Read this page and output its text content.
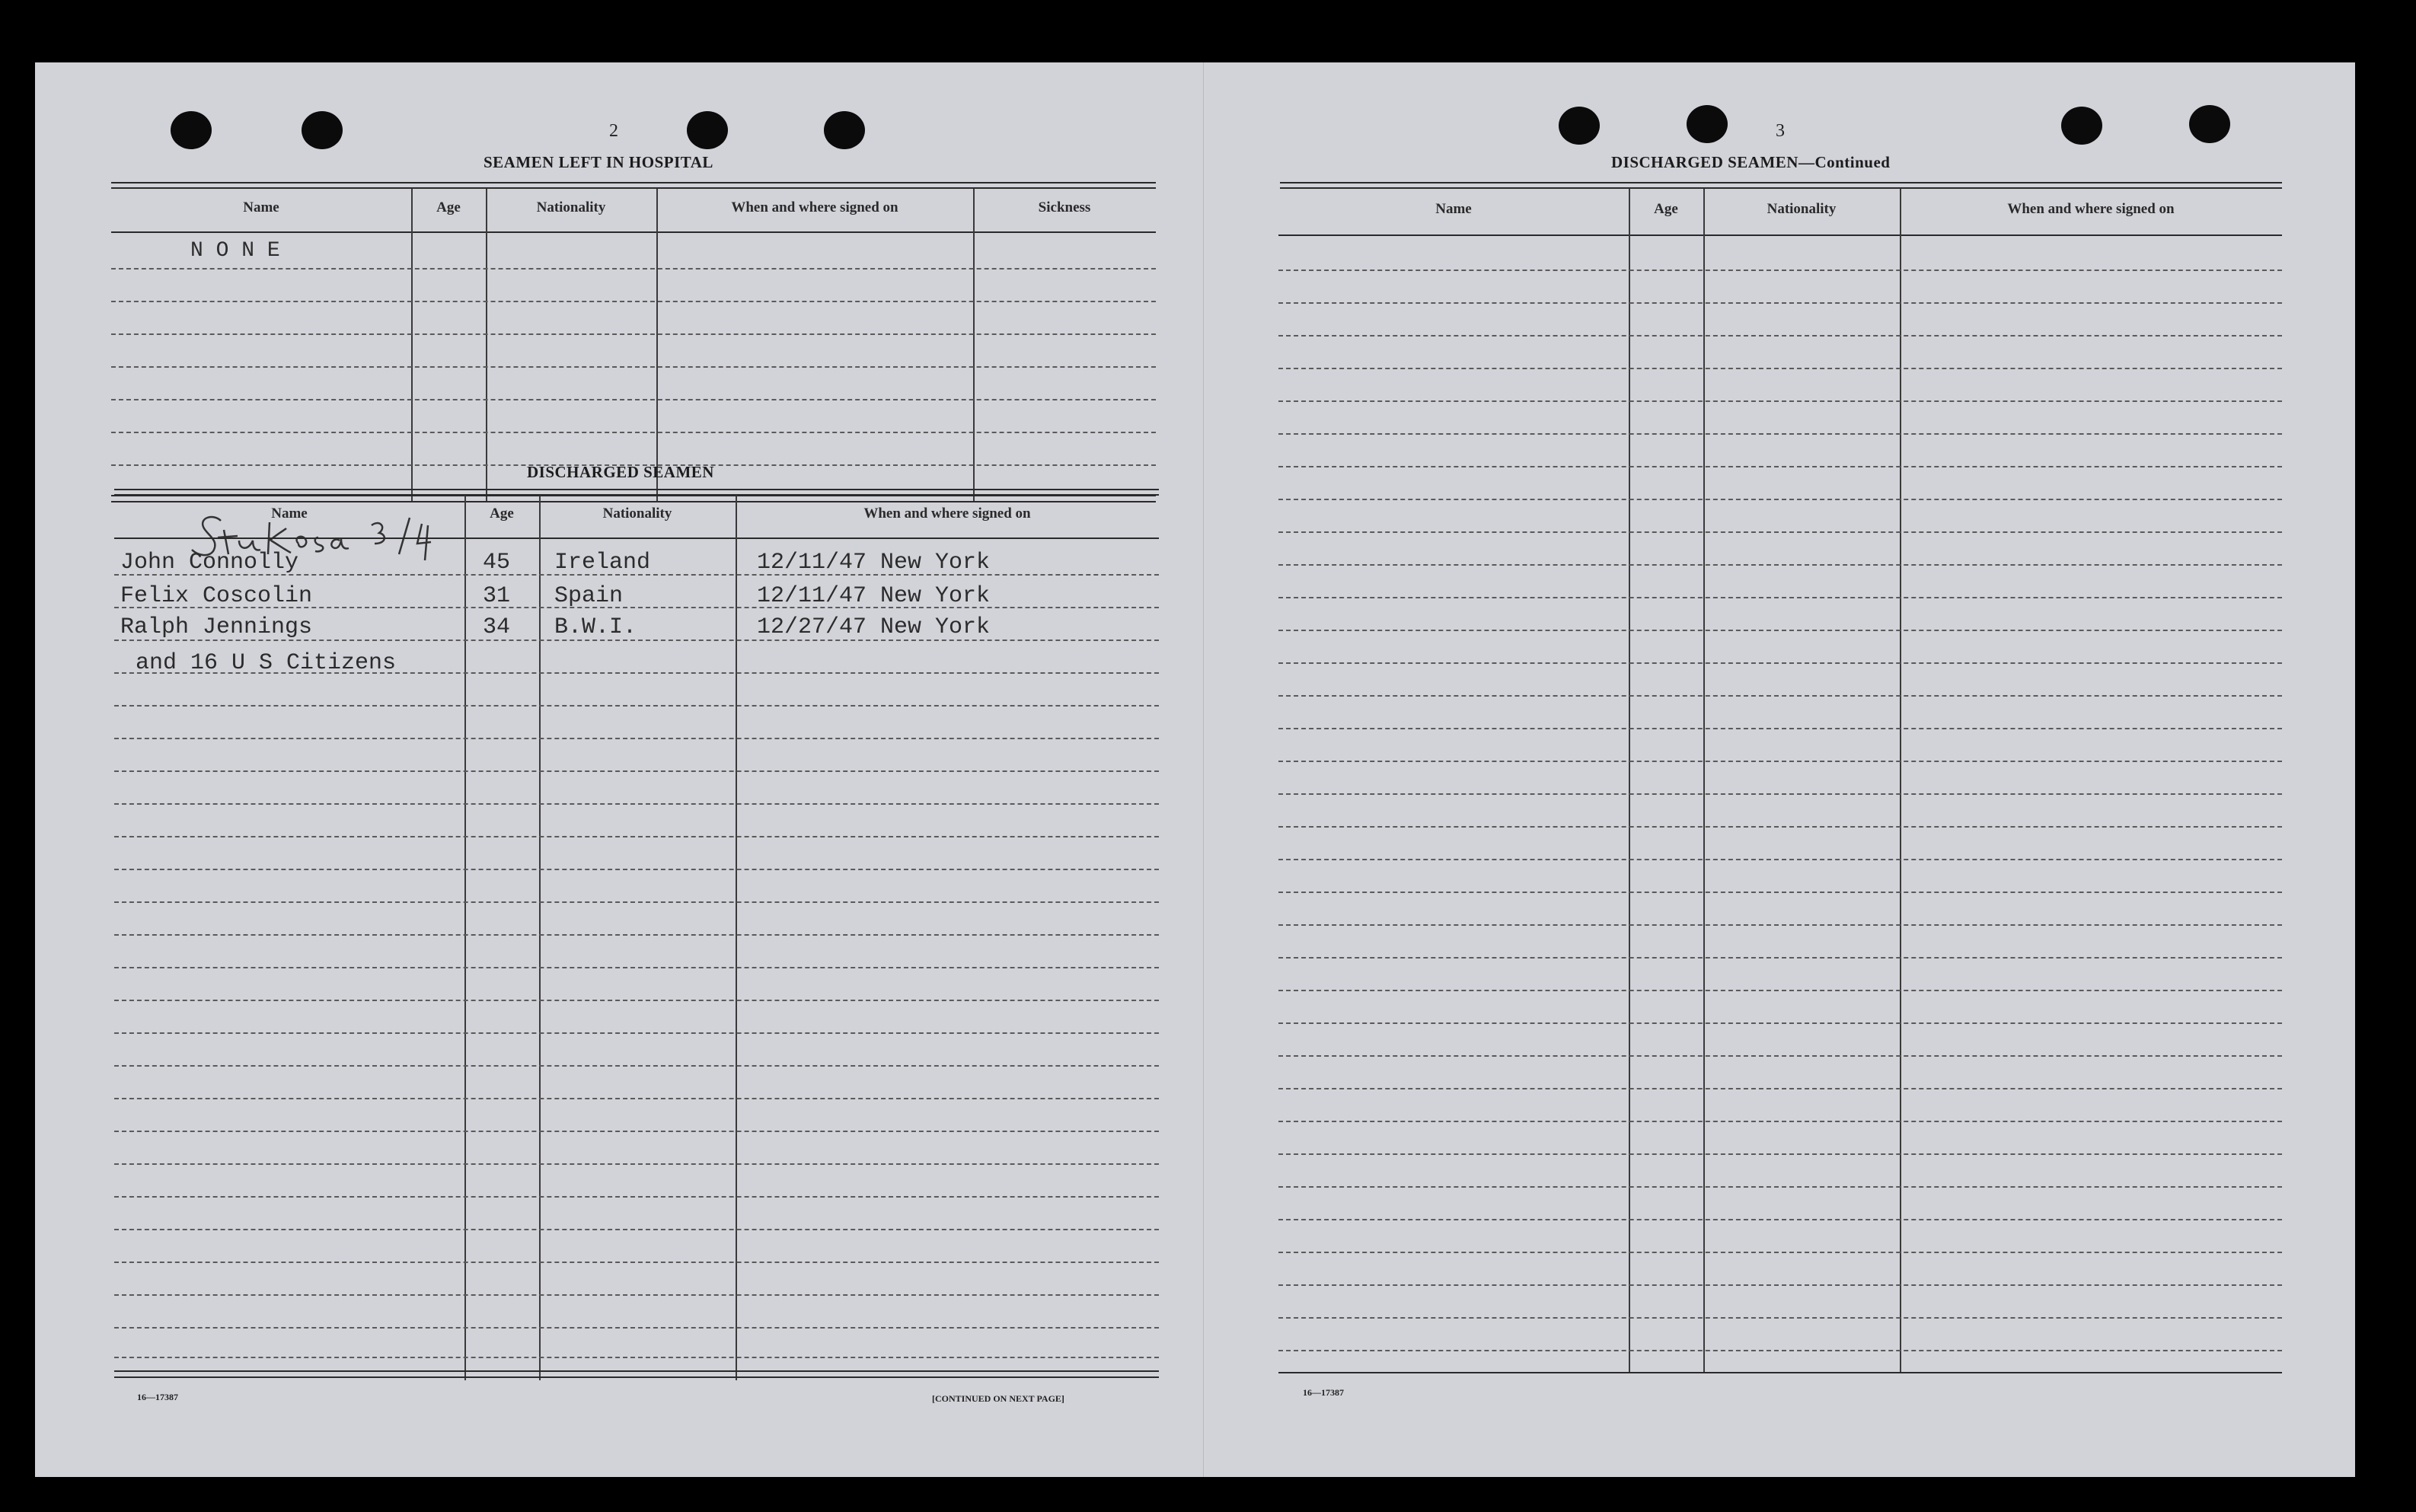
2
SEAMEN LEFT IN HOSPITAL
Name	Age	Nationality	When and where signed on	Sickness
N O N E
DISCHARGED SEAMEN
Name	Age	Nationality	When and where signed on
John Connolly	45 Ireland	12/11/47 New York
Felix Coscolin	31 Spain	12/11/47 New York
Ralph Jennings	34 B.W.I.	12/27/47 New York
and 16 U S Citizens
16—17387	[CONTINUED ON NEXT PAGE]
3
DISCHARGED SEAMEN—Continued
Name	Age	Nationality	When and where signed on
16—17387
